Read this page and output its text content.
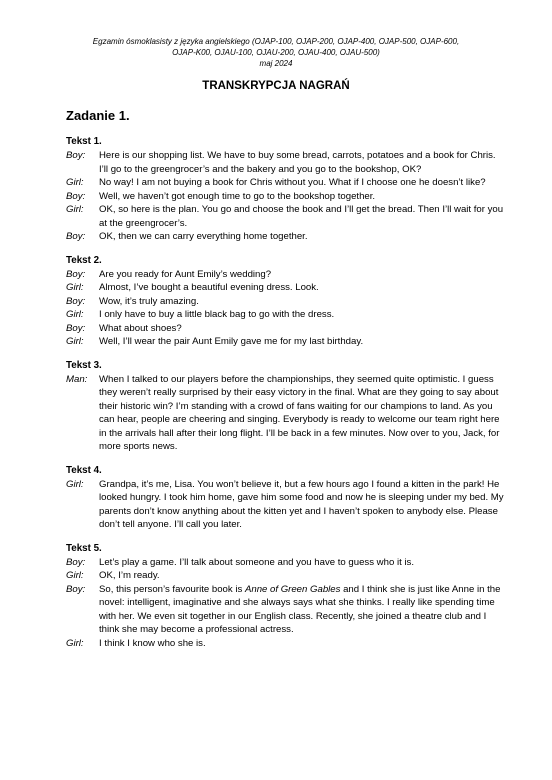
Egzamin ósmoklasisty z języka angielskiego (OJAP-100, OJAP-200, OJAP-400, OJAP-500, OJAP-600,
OJAP-K00, OJAU-100, OJAU-200, OJAU-400, OJAU-500)
maj 2024
TRANSKRYPCJA NAGRAŃ
Zadanie 1.
Tekst 1.
Boy:	Here is our shopping list. We have to buy some bread, carrots, potatoes and a book for Chris. I’ll go to the greengrocer’s and the bakery and you go to the bookshop, OK?
Girl:	No way! I am not buying a book for Chris without you. What if I choose one he doesn’t like?
Boy:	Well, we haven’t got enough time to go to the bookshop together.
Girl:	OK, so here is the plan. You go and choose the book and I’ll get the bread. Then I’ll wait for you at the greengrocer’s.
Boy:	OK, then we can carry everything home together.
Tekst 2.
Boy:	Are you ready for Aunt Emily’s wedding?
Girl:	Almost, I’ve bought a beautiful evening dress. Look.
Boy:	Wow, it’s truly amazing.
Girl:	I only have to buy a little black bag to go with the dress.
Boy:	What about shoes?
Girl:	Well, I’ll wear the pair Aunt Emily gave me for my last birthday.
Tekst 3.
Man:	When I talked to our players before the championships, they seemed quite optimistic. I guess they weren’t really surprised by their easy victory in the final. What are they going to say about their historic win? I’m standing with a crowd of fans waiting for our champions to land. As you can hear, people are cheering and singing. Everybody is ready to welcome our team right here in the arrivals hall after their long flight. I’ll be back in a few minutes. Now over to you, Jack, for more sports news.
Tekst 4.
Girl:	Grandpa, it’s me, Lisa. You won’t believe it, but a few hours ago I found a kitten in the park! He looked hungry. I took him home, gave him some food and now he is sleeping under my bed. My parents don’t know anything about the kitten yet and I haven’t spoken to anybody else. Please don’t tell anyone. I’ll call you later.
Tekst 5.
Boy:	Let’s play a game. I’ll talk about someone and you have to guess who it is.
Girl:	OK, I’m ready.
Boy:	So, this person’s favourite book is Anne of Green Gables and I think she is just like Anne in the novel: intelligent, imaginative and she always says what she thinks. I really like spending time with her. We even sit together in our English class. Recently, she joined a theatre club and I think she may become a professional actress.
Girl:	I think I know who she is.
